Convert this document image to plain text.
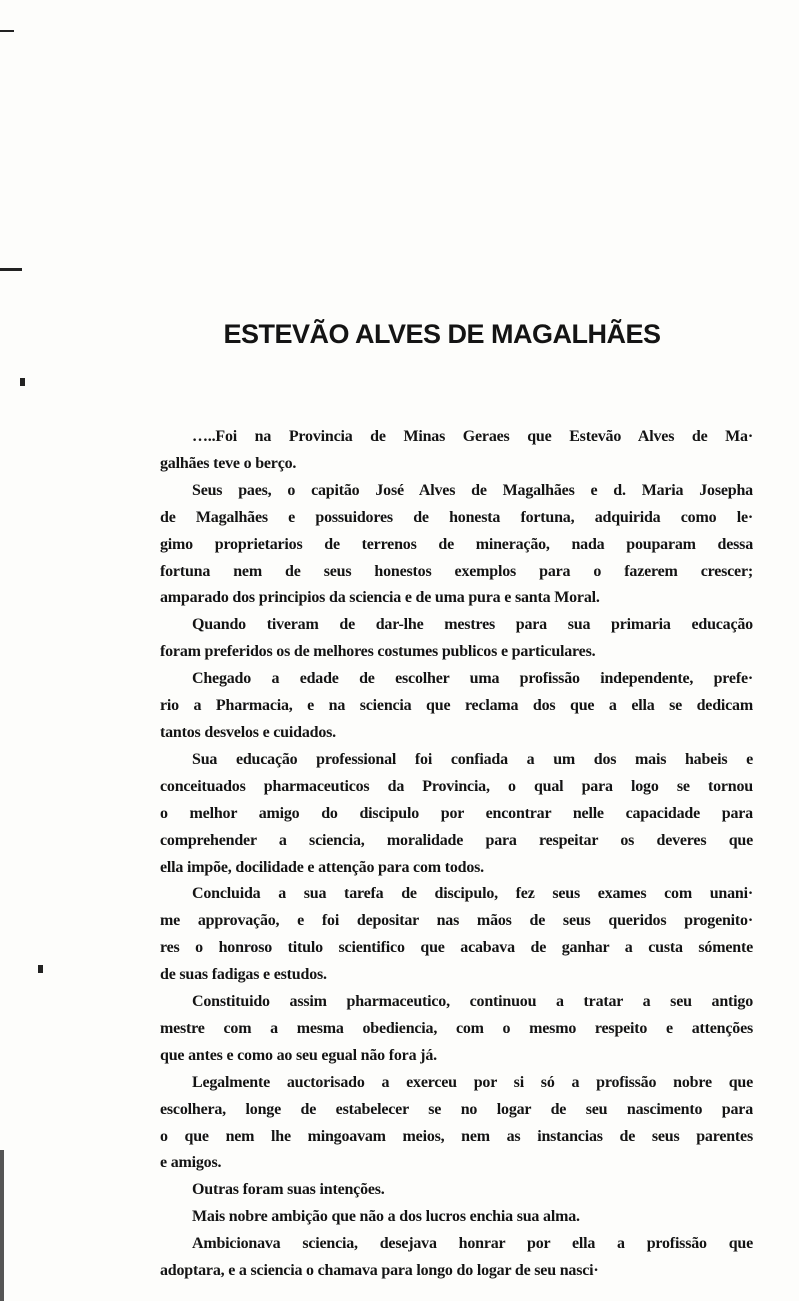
ESTEVÃO ALVES DE MAGALHÃES
…..Foi na Provincia de Minas Geraes que Estevão Alves de Ma·
galhães teve o berço.
Seus paes, o capitão José Alves de Magalhães e d. Maria Josepha
de Magalhães e possuidores de honesta fortuna, adquirida como le·
gimo proprietarios de terrenos de mineração, nada pouparam dessa
fortuna nem de seus honestos exemplos para o fazerem crescer;
amparado dos principios da sciencia e de uma pura e santa Moral.
Quando tiveram de dar-lhe mestres para sua primaria educação
foram preferidos os de melhores costumes publicos e particulares.
Chegado a edade de escolher uma profissão independente, prefe·
rio a Pharmacia, e na sciencia que reclama dos que a ella se dedicam
tantos desvelos e cuidados.
Sua educação professional foi confiada a um dos mais habeis e
conceituados pharmaceuticos da Provincia, o qual para logo se tornou
o melhor amigo do discipulo por encontrar nelle capacidade para
comprehender a sciencia, moralidade para respeitar os deveres que
ella impõe, docilidade e attenção para com todos.
Concluida a sua tarefa de discipulo, fez seus exames com unani·
me approvação, e foi depositar nas mãos de seus queridos progenito·
res o honroso titulo scientifico que acabava de ganhar a custa sómente
de suas fadigas e estudos.
Constituido assim pharmaceutico, continuou a tratar a seu antigo
mestre com a mesma obediencia, com o mesmo respeito e attenções
que antes e como ao seu egual não fora já.
Legalmente auctorisado a exerceu por si só a profissão nobre que
escolhera, longe de estabelecer se no logar de seu nascimento para
o que nem lhe mingoavam meios, nem as instancias de seus parentes
e amigos.
Outras foram suas intenções.
Mais nobre ambição que não a dos lucros enchia sua alma.
Ambicionava sciencia, desejava honrar por ella a profissão que
adoptara, e a sciencia o chamava para longo do logar de seu nasci·
